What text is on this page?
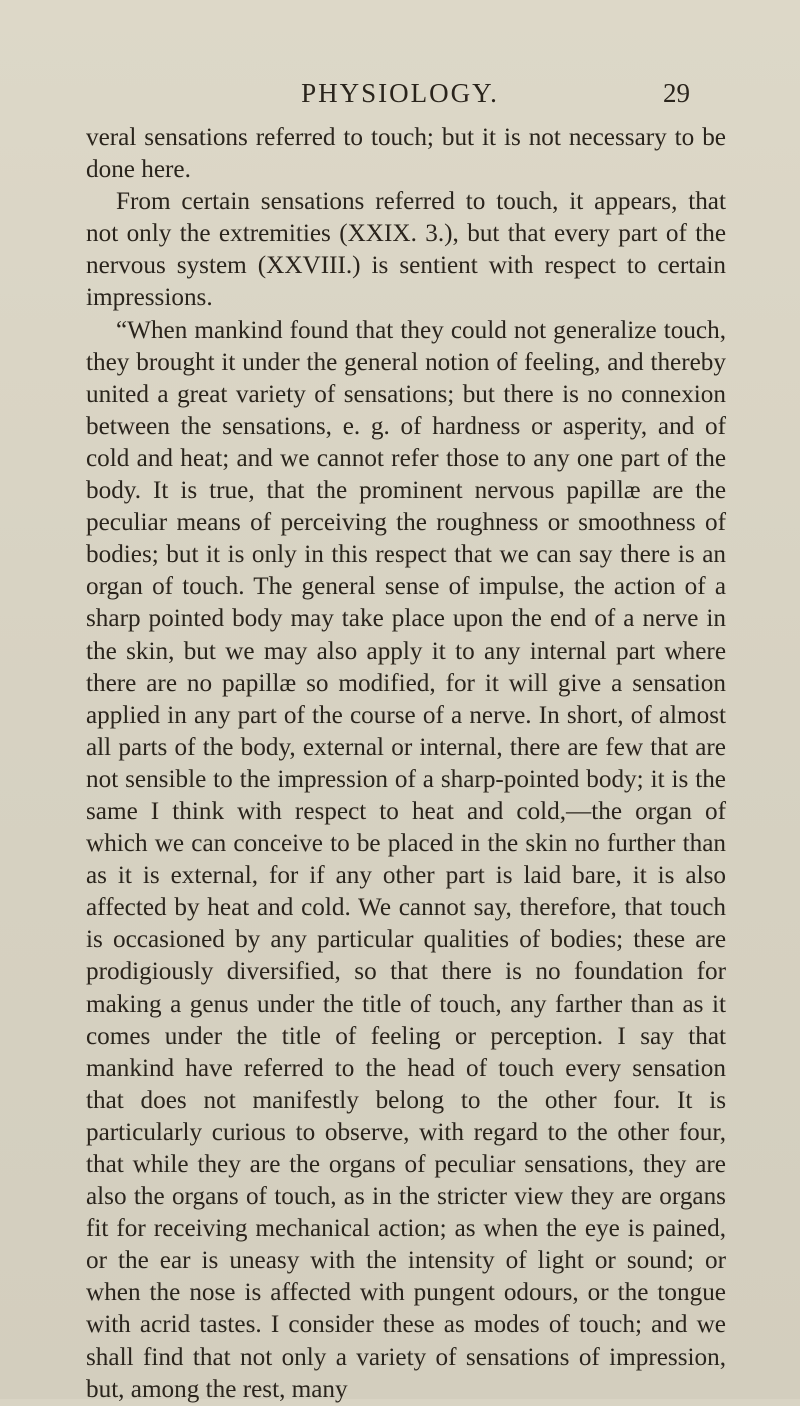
PHYSIOLOGY.	29

veral sensations referred to touch; but it is not necessary to be done here.

From certain sensations referred to touch, it appears, that not only the extremities (XXIX. 3.), but that every part of the nervous system (XXVIII.) is sentient with respect to certain impressions.

“When mankind found that they could not generalize touch, they brought it under the general notion of feeling, and thereby united a great variety of sensations; but there is no connexion between the sensations, e. g. of hardness or asperity, and of cold and heat; and we cannot refer those to any one part of the body. It is true, that the prominent nervous papillæ are the peculiar means of perceiving the roughness or smoothness of bodies; but it is only in this respect that we can say there is an organ of touch. The general sense of impulse, the action of a sharp pointed body may take place upon the end of a nerve in the skin, but we may also apply it to any internal part where there are no papillæ so modified, for it will give a sensation applied in any part of the course of a nerve. In short, of almost all parts of the body, external or internal, there are few that are not sensible to the impression of a sharp-pointed body; it is the same I think with respect to heat and cold,—the organ of which we can conceive to be placed in the skin no further than as it is external, for if any other part is laid bare, it is also affected by heat and cold. We cannot say, therefore, that touch is occasioned by any particular qualities of bodies; these are prodigiously diversified, so that there is no foundation for making a genus under the title of touch, any farther than as it comes under the title of feeling or perception. I say that mankind have referred to the head of touch every sensation that does not manifestly belong to the other four. It is particularly curious to observe, with regard to the other four, that while they are the organs of peculiar sensations, they are also the organs of touch, as in the stricter view they are organs fit for receiving mechanical action; as when the eye is pained, or the ear is uneasy with the intensity of light or sound; or when the nose is affected with pungent odours, or the tongue with acrid tastes. I consider these as modes of touch; and we shall find that not only a variety of sensations of impression, but, among the rest, many
